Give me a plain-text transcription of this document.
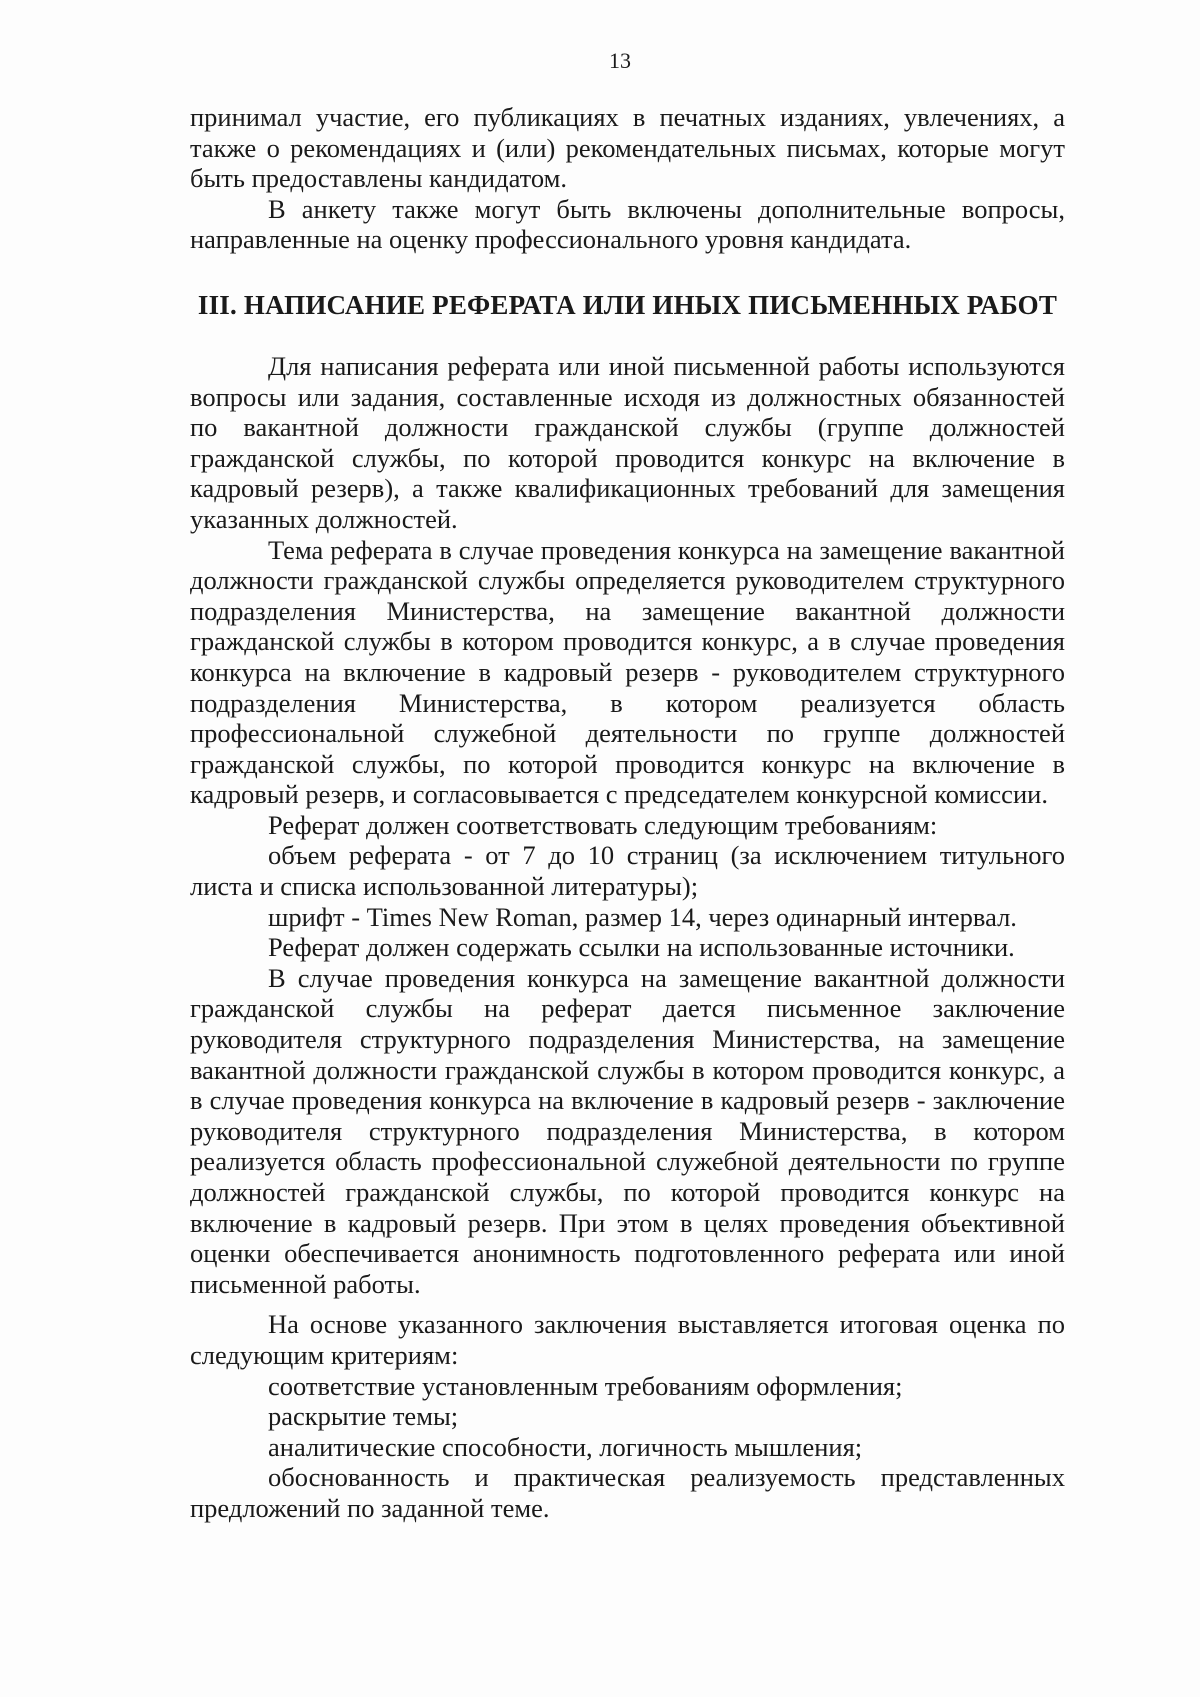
13

принимал участие, его публикациях в печатных изданиях, увлечениях, а также о рекомендациях и (или) рекомендательных письмах, которые могут быть предоставлены кандидатом.

В анкету также могут быть включены дополнительные вопросы, направленные на оценку профессионального уровня кандидата.

III. НАПИСАНИЕ РЕФЕРАТА ИЛИ ИНЫХ ПИСЬМЕННЫХ РАБОТ

Для написания реферата или иной письменной работы используются вопросы или задания, составленные исходя из должностных обязанностей по вакантной должности гражданской службы (группе должностей гражданской службы, по которой проводится конкурс на включение в кадровый резерв), а также квалификационных требований для замещения указанных должностей.

Тема реферата в случае проведения конкурса на замещение вакантной должности гражданской службы определяется руководителем структурного подразделения Министерства, на замещение вакантной должности гражданской службы в котором проводится конкурс, а в случае проведения конкурса на включение в кадровый резерв - руководителем структурного подразделения Министерства, в котором реализуется область профессиональной служебной деятельности по группе должностей гражданской службы, по которой проводится конкурс на включение в кадровый резерв, и согласовывается с председателем конкурсной комиссии.

Реферат должен соответствовать следующим требованиям:

объем реферата - от 7 до 10 страниц (за исключением титульного листа и списка использованной литературы);

шрифт - Times New Roman, размер 14, через одинарный интервал.

Реферат должен содержать ссылки на использованные источники.

В случае проведения конкурса на замещение вакантной должности гражданской службы на реферат дается письменное заключение руководителя структурного подразделения Министерства, на замещение вакантной должности гражданской службы в котором проводится конкурс, а в случае проведения конкурса на включение в кадровый резерв - заключение руководителя структурного подразделения Министерства, в котором реализуется область профессиональной служебной деятельности по группе должностей гражданской службы, по которой проводится конкурс на включение в кадровый резерв. При этом в целях проведения объективной оценки обеспечивается анонимность подготовленного реферата или иной письменной работы.

На основе указанного заключения выставляется итоговая оценка по следующим критериям:

соответствие установленным требованиям оформления;

раскрытие темы;

аналитические способности, логичность мышления;

обоснованность и практическая реализуемость представленных предложений по заданной теме.
